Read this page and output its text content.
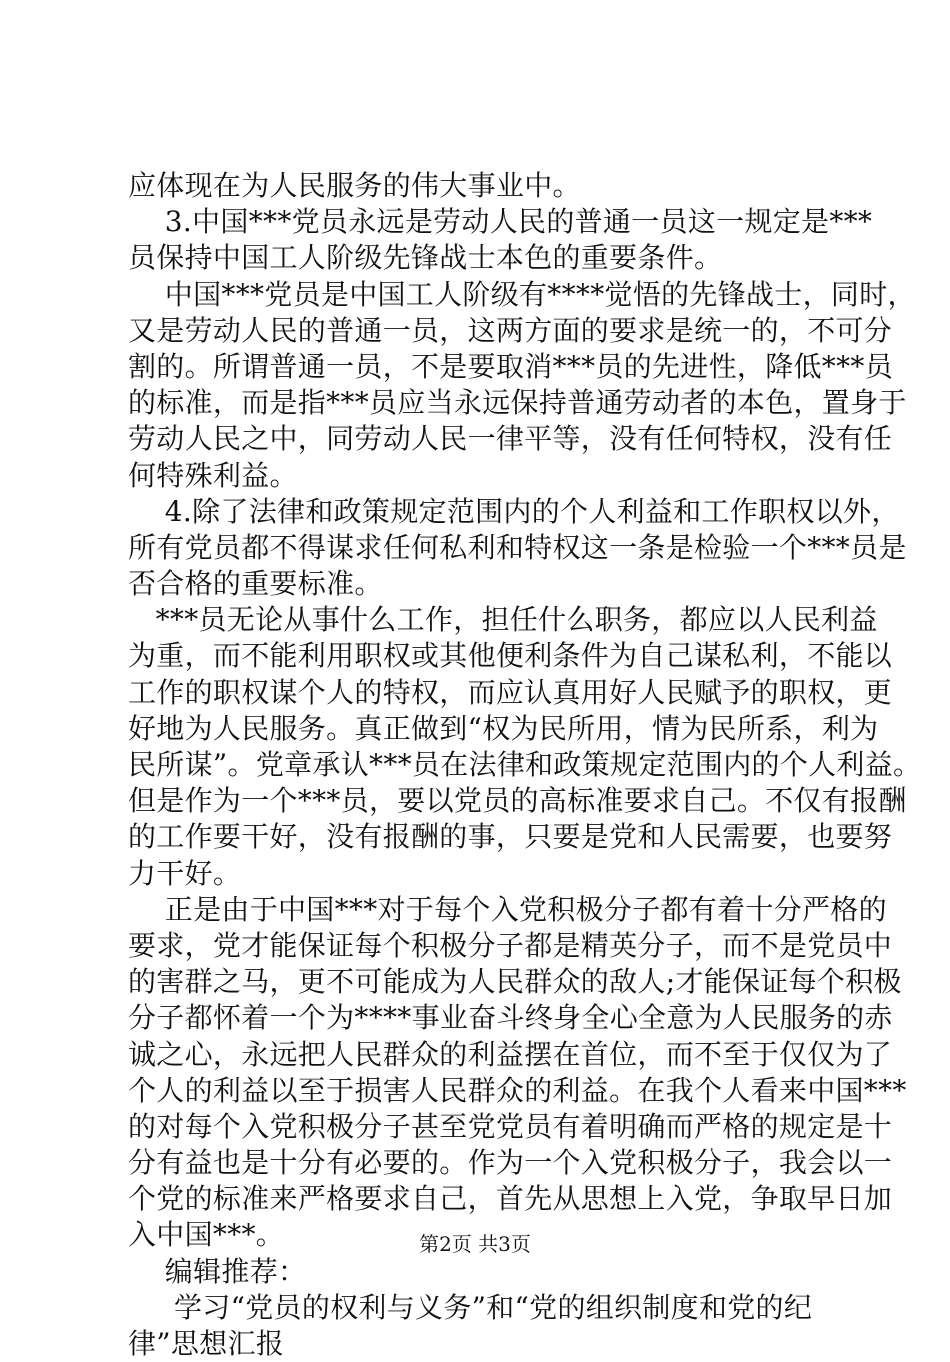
应体现在为人民服务的伟大事业中。
3.中国***党员永远是劳动人民的普通一员这一规定是***
员保持中国工人阶级先锋战士本色的重要条件。
中国***党员是中国工人阶级有****觉悟的先锋战士，同时，
又是劳动人民的普通一员，这两方面的要求是统一的，不可分
割的。所谓普通一员，不是要取消***员的先进性，降低***员
的标准，而是指***员应当永远保持普通劳动者的本色，置身于
劳动人民之中，同劳动人民一律平等，没有任何特权，没有任
何特殊利益。
4.除了法律和政策规定范围内的个人利益和工作职权以外，
所有党员都不得谋求任何私利和特权这一条是检验一个***员是
否合格的重要标准。
***员无论从事什么工作，担任什么职务，都应以人民利益
为重，而不能利用职权或其他便利条件为自己谋私利，不能以
工作的职权谋个人的特权，而应认真用好人民赋予的职权，更
好地为人民服务。真正做到“权为民所用，情为民所系，利为
民所谋”。党章承认***员在法律和政策规定范围内的个人利益。
但是作为一个***员，要以党员的高标准要求自己。不仅有报酬
的工作要干好，没有报酬的事，只要是党和人民需要，也要努
力干好。
正是由于中国***对于每个入党积极分子都有着十分严格的
要求，党才能保证每个积极分子都是精英分子，而不是党员中
的害群之马，更不可能成为人民群众的敌人;才能保证每个积极
分子都怀着一个为****事业奋斗终身全心全意为人民服务的赤
诚之心，永远把人民群众的利益摆在首位，而不至于仅仅为了
个人的利益以至于损害人民群众的利益。在我个人看来中国***
的对每个入党积极分子甚至党党员有着明确而严格的规定是十
分有益也是十分有必要的。作为一个入党积极分子，我会以一
个党的标准来严格要求自己，首先从思想上入党，争取早日加
入中国***。
编辑推荐：
学习“党员的权利与义务”和“党的组织制度和党的纪
律”思想汇报
第2页 共3页
